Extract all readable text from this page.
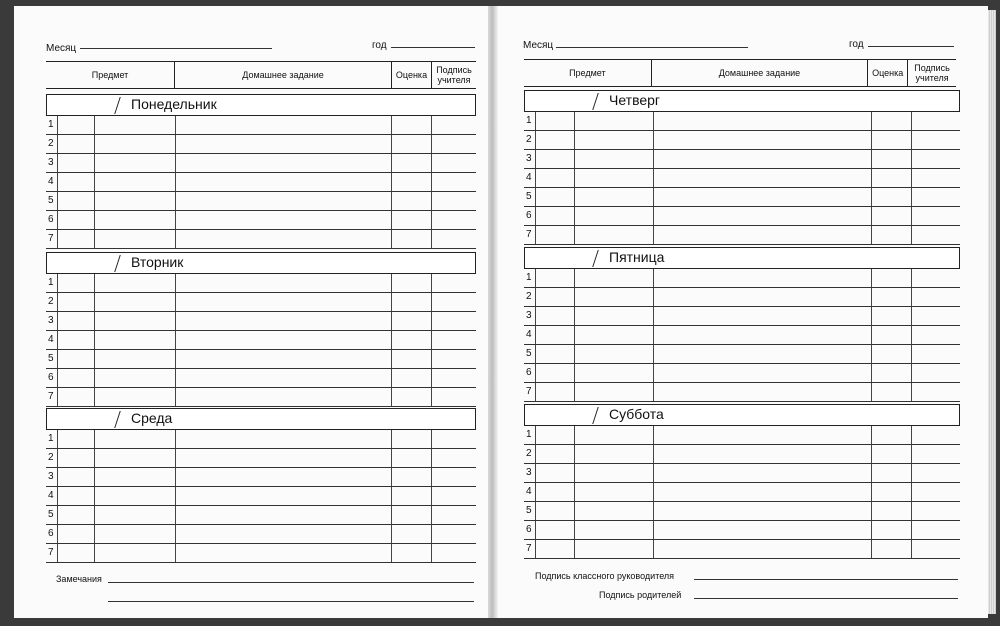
Месяц	год
Предмет	Домашнее задание	Оценка	Подпись учителя
Понедельник
1
2
3
4
5
6
7
Вторник
1
2
3
4
5
6
7
Среда
1
2
3
4
5
6
7
Замечания
Месяц	год
Предмет	Домашнее задание	Оценка	Подпись учителя
Четверг
1
2
3
4
5
6
7
Пятница
1
2
3
4
5
6
7
Суббота
1
2
3
4
5
6
7
Подпись классного руководителя
Подпись родителей
